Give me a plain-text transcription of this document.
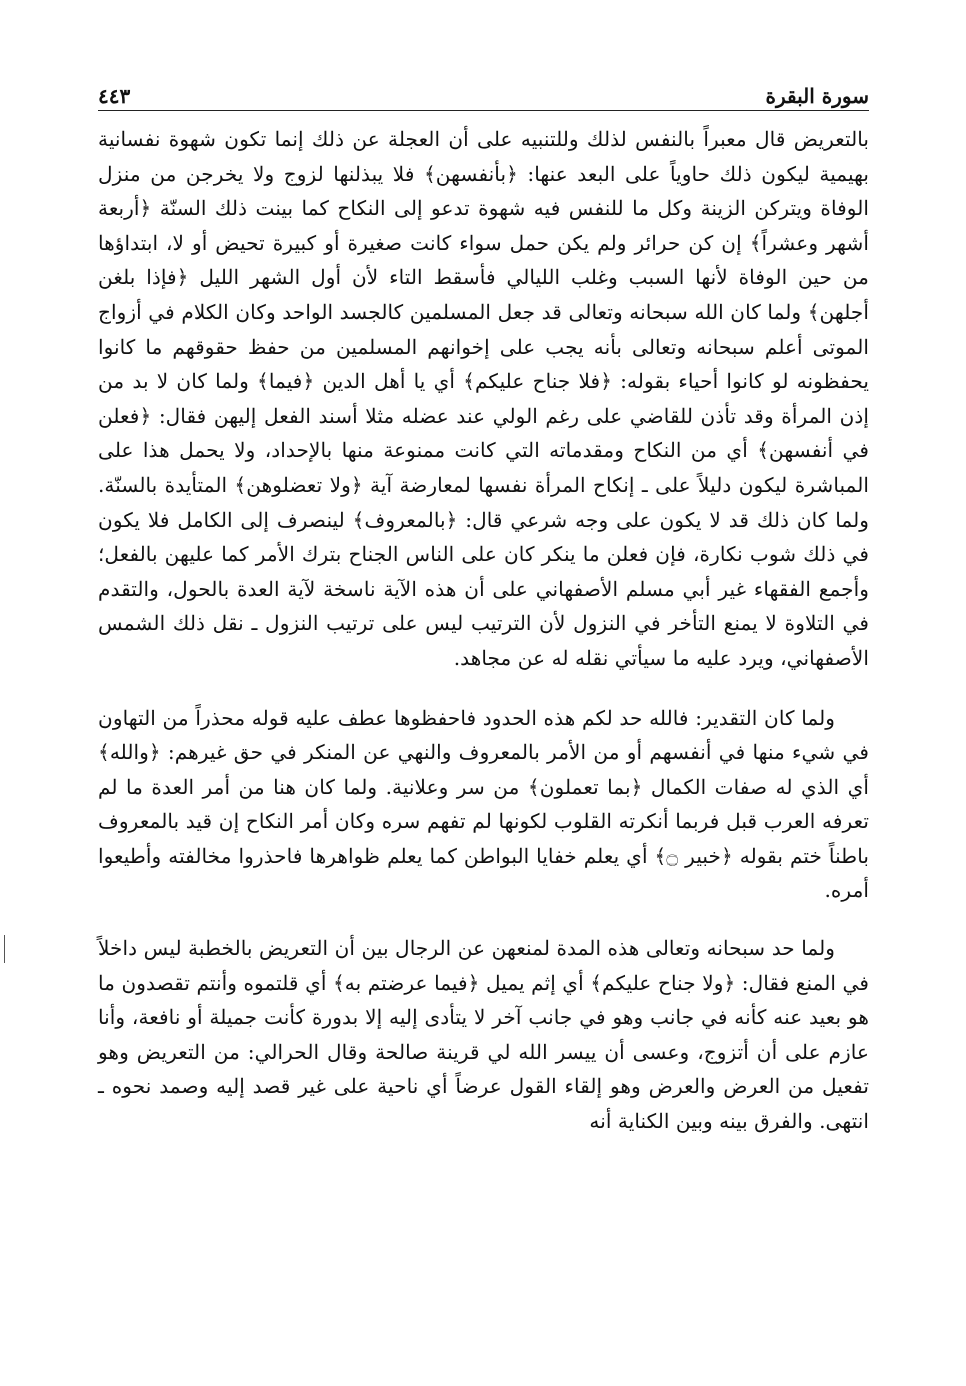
سورة البقرة
٤٤٣

بالتعريض قال معبراً بالنفس لذلك وللتنبيه على أن العجلة عن ذلك إنما تكون شهوة نفسانية بهيمية ليكون ذلك حاوياً على البعد عنها: ﴿بأنفسهن﴾ فلا يبذلنها لزوج ولا يخرجن من منزل الوفاة ويتركن الزينة وكل ما للنفس فيه شهوة تدعو إلى النكاح كما بينت ذلك السنّة ﴿أربعة أشهر وعشراً﴾ إن كن حرائر ولم يكن حمل سواء كانت صغيرة أو كبيرة تحيض أو لا، ابتداؤها من حين الوفاة لأنها السبب وغلب الليالي فأسقط التاء لأن أول الشهر الليل ﴿فإذا بلغن أجلهن﴾ ولما كان الله سبحانه وتعالى قد جعل المسلمين كالجسد الواحد وكان الكلام في أزواج الموتى أعلم سبحانه وتعالى بأنه يجب على إخوانهم المسلمين من حفظ حقوقهم ما كانوا يحفظونه لو كانوا أحياء بقوله: ﴿فلا جناح عليكم﴾ أي يا أهل الدين ﴿فيما﴾ ولما كان لا بد من إذن المرأة وقد تأذن للقاضي على رغم الولي عند عضله مثلا أسند الفعل إليهن فقال: ﴿فعلن في أنفسهن﴾ أي من النكاح ومقدماته التي كانت ممنوعة منها بالإحداد، ولا يحمل هذا على المباشرة ليكون دليلاً على ـ إنكاح المرأة نفسها لمعارضة آية ﴿ولا تعضلوهن﴾ المتأيدة بالسنّة. ولما كان ذلك قد لا يكون على وجه شرعي قال: ﴿بالمعروف﴾ لينصرف إلى الكامل فلا يكون في ذلك شوب نكارة، فإن فعلن ما ينكر كان على الناس الجناح بترك الأمر كما عليهن بالفعل؛ وأجمع الفقهاء غير أبي مسلم الأصفهاني على أن هذه الآية ناسخة لآية العدة بالحول، والتقدم في التلاوة لا يمنع التأخر في النزول لأن الترتيب ليس على ترتيب النزول ـ نقل ذلك الشمس الأصفهاني، ويرد عليه ما سيأتي نقله له عن مجاهد.

ولما كان التقدير: فالله حد لكم هذه الحدود فاحفظوها عطف عليه قوله محذراً من التهاون في شيء منها في أنفسهم أو من الأمر بالمعروف والنهي عن المنكر في حق غيرهم: ﴿والله﴾ أي الذي له صفات الكمال ﴿بما تعملون﴾ من سر وعلانية. ولما كان هنا من أمر العدة ما لم تعرفه العرب قبل فربما أنكرته القلوب لكونها لم تفهم سره وكان أمر النكاح إن قيد بالمعروف باطناً ختم بقوله ﴿خبير ۝﴾ أي يعلم خفايا البواطن كما يعلم ظواهرها فاحذروا مخالفته وأطيعوا أمره.

ولما حد سبحانه وتعالى هذه المدة لمنعهن عن الرجال بين أن التعريض بالخطبة ليس داخلاً في المنع فقال: ﴿ولا جناح عليكم﴾ أي إثم يميل ﴿فيما عرضتم به﴾ أي قلتموه وأنتم تقصدون ما هو بعيد عنه كأنه في جانب وهو في جانب آخر لا يتأدى إليه إلا بدورة كأنت جميلة أو نافعة، وأنا عازم على أن أتزوج، وعسى أن ييسر الله لي قرينة صالحة وقال الحرالي: من التعريض وهو تفعيل من العرض والعرض وهو إلقاء القول عرضاً أي ناحية على غير قصد إليه وصمد نحوه ـ انتهى. والفرق بينه وبين الكناية أنه
